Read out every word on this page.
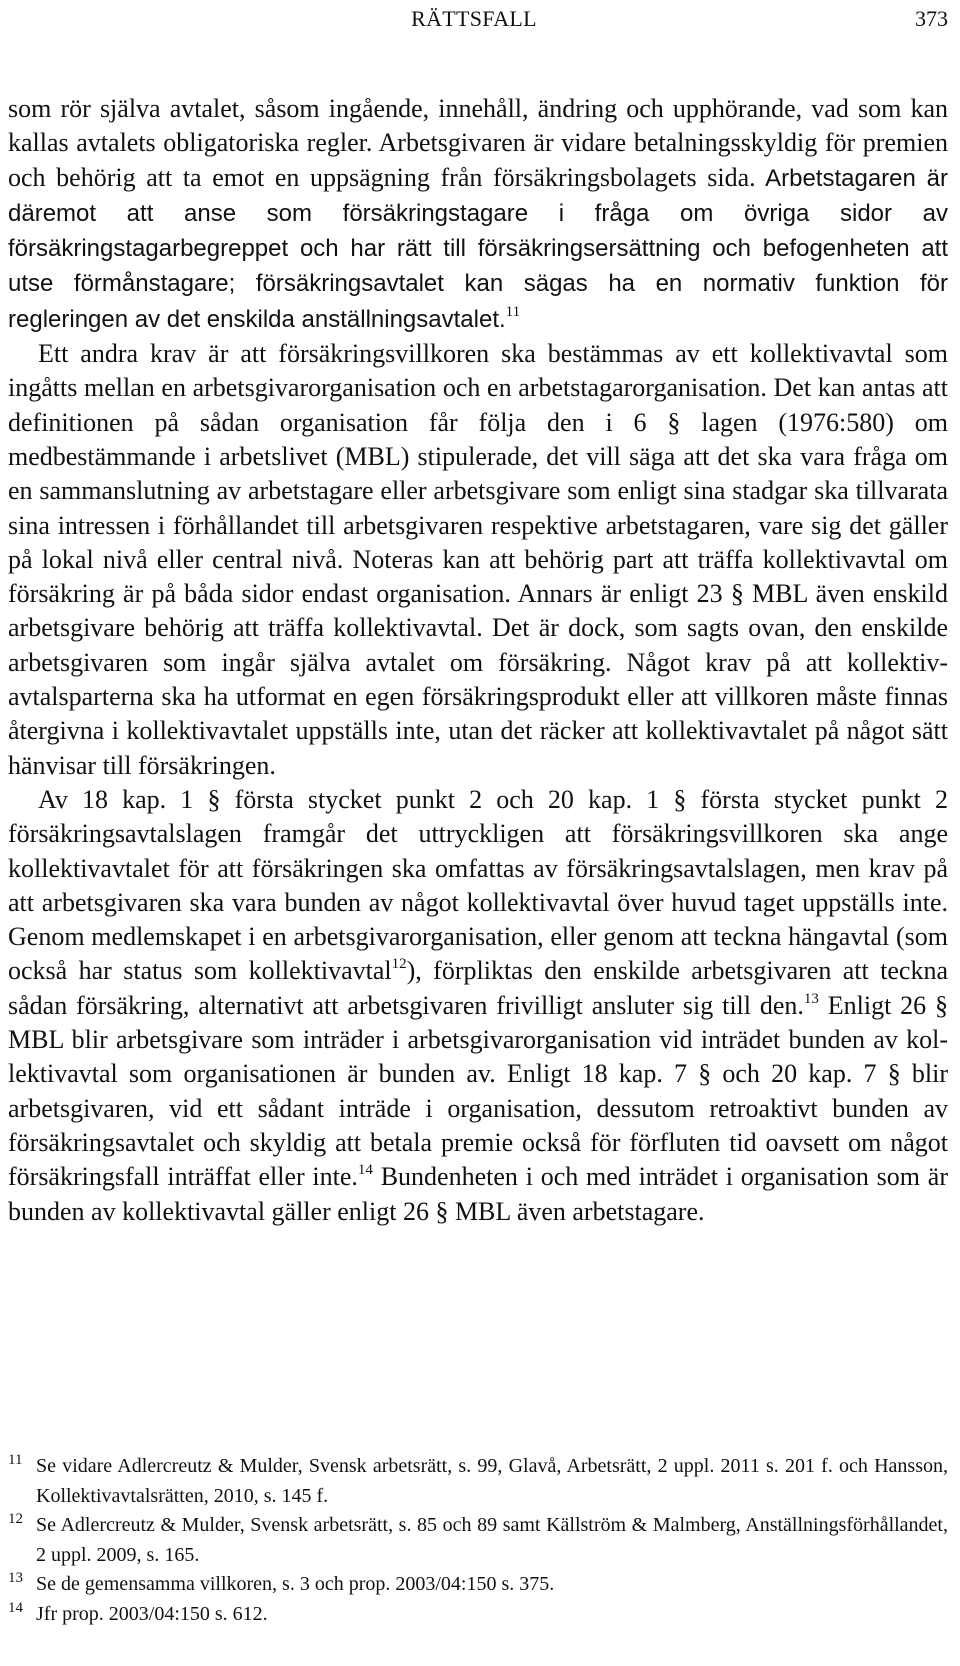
RÄTTSFALL	373

som rör själva avtalet, såsom ingående, innehåll, ändring och upphörande, vad som kan kallas avtalets obligatoriska regler. Arbetsgivaren är vidare betalningsskyldig för premien och behörig att ta emot en uppsägning från försäkringsbolagets sida. Arbetstagaren är däremot att anse som försäkringstagare i fråga om övriga sidor av försäkringstagarbegreppet och har rätt till försäkringsersättning och befogenheten att utse förmånstagare; försäkringsavtalet kan sägas ha en normativ funktion för regleringen av det enskilda anställningsavtalet.$^{11}$

Ett andra krav är att försäkringsvillkoren ska bestämmas av ett kollektivavtal som ingåtts mellan en arbetsgivarorganisation och en arbetstagarorganisation. Det kan antas att definitionen på sådan organisation får följa den i 6 § lagen (1976:580) om medbestämmande i arbetslivet (MBL) stipulerade, det vill säga att det ska vara fråga om en sammanslutning av arbetstagare eller arbetsgivare som enligt sina stadgar ska tillvarata sina intressen i förhållandet till arbetsgivaren respektive arbetstagaren, vare sig det gäller på lokal nivå eller central nivå. Noteras kan att behörig part att träffa kollektivavtal om försäkring är på båda sidor endast organisation. Annars är enligt 23 § MBL även enskild arbetsgivare behörig att träffa kollektivavtal. Det är dock, som sagts ovan, den enskilde arbetsgivaren som ingår själva avtalet om försäkring. Något krav på att kollektivavtalsparterna ska ha utformat en egen försäkringsprodukt eller att villkoren måste finnas återgivna i kollektivavtalet uppställs inte, utan det räcker att kollektivavtalet på något sätt hänvisar till försäkringen.

Av 18 kap. 1 § första stycket punkt 2 och 20 kap. 1 § första stycket punkt 2 försäkringsavtalslagen framgår det uttryckligen att försäkringsvillkoren ska ange kollektivavtalet för att försäkringen ska omfattas av försäkringsavtalslagen, men krav på att arbetsgivaren ska vara bunden av något kollektivavtal över huvud taget uppställs inte. Genom medlemskapet i en arbetsgivarorganisation, eller genom att teckna hängavtal (som också har status som kollektivavtal$^{12}$), förpliktas den enskilde arbetsgivaren att teckna sådan försäkring, alternativt att arbetsgivaren frivilligt ansluter sig till den.$^{13}$ Enligt 26 § MBL blir arbetsgivare som inträder i arbetsgivarorganisation vid inträdet bunden av kollektivavtal som organisationen är bunden av. Enligt 18 kap. 7 § och 20 kap. 7 § blir arbetsgivaren, vid ett sådant inträde i organisation, dessutom retroaktivt bunden av försäkringsavtalet och skyldig att betala premie också för förfluten tid oavsett om något försäkringsfall inträffat eller inte.$^{14}$ Bundenheten i och med inträdet i organisation som är bunden av kollektivavtal gäller enligt 26 § MBL även arbetstagare.

11 Se vidare Adlercreutz & Mulder, Svensk arbetsrätt, s. 99, Glavå, Arbetsrätt, 2 uppl. 2011 s. 201 f. och Hansson, Kollektivavtalsrätten, 2010, s. 145 f.
12 Se Adlercreutz & Mulder, Svensk arbetsrätt, s. 85 och 89 samt Källström & Malmberg, Anställningsförhållandet, 2 uppl. 2009, s. 165.
13 Se de gemensamma villkoren, s. 3 och prop. 2003/04:150 s. 375.
14 Jfr prop. 2003/04:150 s. 612.
